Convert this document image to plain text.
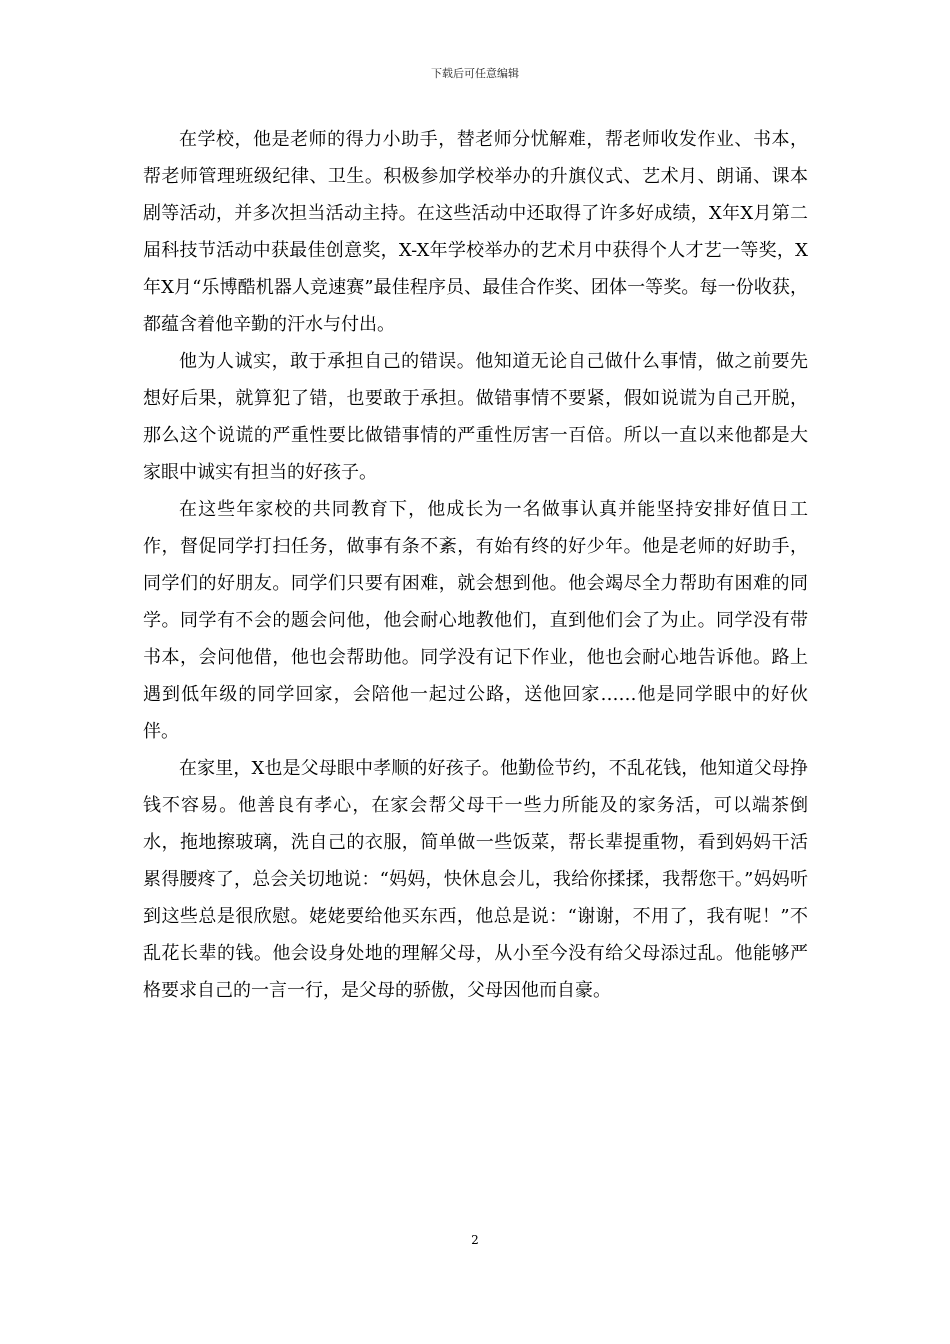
下载后可任意编辑

在学校，他是老师的得力小助手，替老师分忧解难，帮老师收发作业、书本，帮老师管理班级纪律、卫生。积极参加学校举办的升旗仪式、艺术月、朗诵、课本剧等活动，并多次担当活动主持。在这些活动中还取得了许多好成绩，X年X月第二届科技节活动中获最佳创意奖，X-X年学校举办的艺术月中获得个人才艺一等奖，X年X月“乐博酷机器人竞速赛”最佳程序员、最佳合作奖、团体一等奖。每一份收获，都蕴含着他辛勤的汗水与付出。

他为人诚实，敢于承担自己的错误。他知道无论自己做什么事情，做之前要先想好后果，就算犯了错，也要敢于承担。做错事情不要紧，假如说谎为自己开脱，那么这个说谎的严重性要比做错事情的严重性厉害一百倍。所以一直以来他都是大家眼中诚实有担当的好孩子。

在这些年家校的共同教育下，他成长为一名做事认真并能坚持安排好值日工作，督促同学打扫任务，做事有条不紊，有始有终的好少年。他是老师的好助手，同学们的好朋友。同学们只要有困难，就会想到他。他会竭尽全力帮助有困难的同学。同学有不会的题会问他，他会耐心地教他们，直到他们会了为止。同学没有带书本，会问他借，他也会帮助他。同学没有记下作业，他也会耐心地告诉他。路上遇到低年级的同学回家，会陪他一起过公路，送他回家……他是同学眼中的好伙伴。

在家里，X也是父母眼中孝顺的好孩子。他勤俭节约，不乱花钱，他知道父母挣钱不容易。他善良有孝心，在家会帮父母干一些力所能及的家务活，可以端茶倒水，拖地擦玻璃，洗自己的衣服，简单做一些饭菜，帮长辈提重物，看到妈妈干活累得腰疼了，总会关切地说：“妈妈，快休息会儿，我给你揉揉，我帮您干。”妈妈听到这些总是很欣慰。姥姥要给他买东西，他总是说：“谢谢，不用了，我有呢！”不乱花长辈的钱。他会设身处地的理解父母，从小至今没有给父母添过乱。他能够严格要求自己的一言一行，是父母的骄傲，父母因他而自豪。

2
